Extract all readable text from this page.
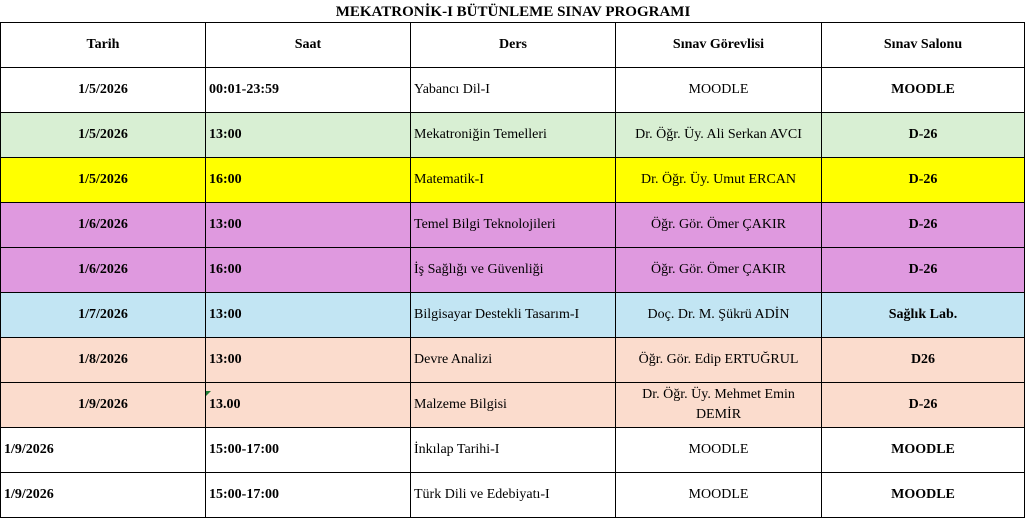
MEKATRONİK-I BÜTÜNLEME SINAV PROGRAMI
Tarih	Saat	Ders	Sınav Görevlisi	Sınav Salonu
1/5/2026	00:01-23:59	Yabancı Dil-I	MOODLE	MOODLE
1/5/2026	13:00	Mekatroniğin Temelleri	Dr. Öğr. Üy. Ali Serkan AVCI	D-26
1/5/2026	16:00	Matematik-I	Dr. Öğr. Üy. Umut ERCAN	D-26
1/6/2026	13:00	Temel Bilgi Teknolojileri	Öğr. Gör. Ömer ÇAKIR	D-26
1/6/2026	16:00	İş Sağlığı ve Güvenliği	Öğr. Gör. Ömer ÇAKIR	D-26
1/7/2026	13:00	Bilgisayar Destekli Tasarım-I	Doç. Dr. M. Şükrü ADİN	Sağlık Lab.
1/8/2026	13:00	Devre Analizi	Öğr. Gör. Edip ERTUĞRUL	D26
1/9/2026	13.00	Malzeme Bilgisi	Dr. Öğr. Üy. Mehmet Emin DEMİR	D-26
1/9/2026	15:00-17:00	İnkılap Tarihi-I	MOODLE	MOODLE
1/9/2026	15:00-17:00	Türk Dili ve Edebiyatı-I	MOODLE	MOODLE
